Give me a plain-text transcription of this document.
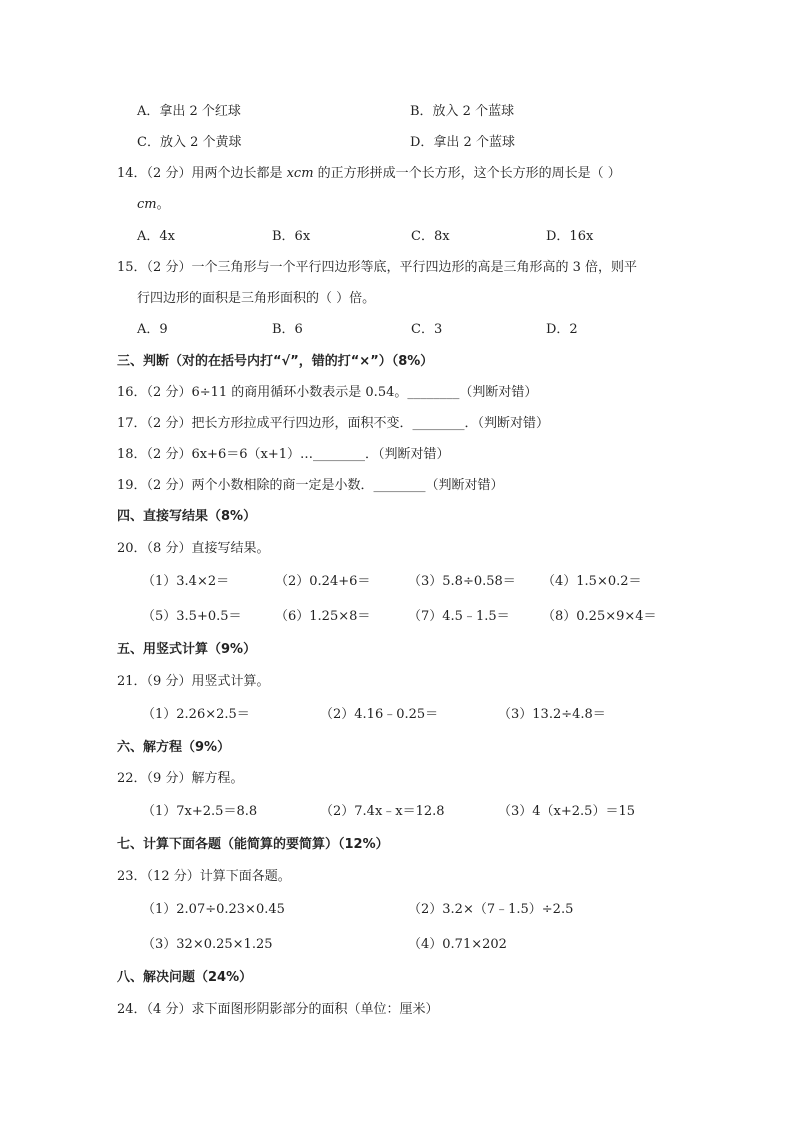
A．拿出 2 个红球	B．放入 2 个蓝球
C．放入 2 个黄球	D．拿出 2 个蓝球
14．（2 分）用两个边长都是 xcm 的正方形拼成一个长方形，这个长方形的周长是（ ）
cm。
A．4x	B．6x	C．8x	D．16x
15．（2 分）一个三角形与一个平行四边形等底，平行四边形的高是三角形高的 3 倍，则平
行四边形的面积是三角形面积的（ ）倍。
A．9	B．6	C．3	D．2
三、判断（对的在括号内打“√”，错的打“×”）（8%）
16．（2 分）6÷11 的商用循环小数表示是 0.54。________（判断对错）
17．（2 分）把长方形拉成平行四边形，面积不变．________．（判断对错）
18．（2 分）6x+6＝6（x+1）…________．（判断对错）
19．（2 分）两个小数相除的商一定是小数．________（判断对错）
四、直接写结果（8%）
20．（8 分）直接写结果。
（1）3.4×2＝	（2）0.24+6＝	（3）5.8÷0.58＝ （4）1.5×0.2＝
（5）3.5+0.5＝	（6）1.25×8＝	（7）4.5﹣1.5＝ （8）0.25×9×4＝
五、用竖式计算（9%）
21．（9 分）用竖式计算。
（1）2.26×2.5＝	（2）4.16﹣0.25＝	（3）13.2÷4.8＝
六、解方程（9%）
22．（9 分）解方程。
（1）7x+2.5＝8.8	（2）7.4x﹣x＝12.8	（3）4（x+2.5）＝15
七、计算下面各题（能简算的要简算）（12%）
23．（12 分）计算下面各题。
（1）2.07÷0.23×0.45	（2）3.2×（7﹣1.5）÷2.5
（3）32×0.25×1.25	（4）0.71×202
八、解决问题（24%）
24．（4 分）求下面图形阴影部分的面积（单位：厘米）
